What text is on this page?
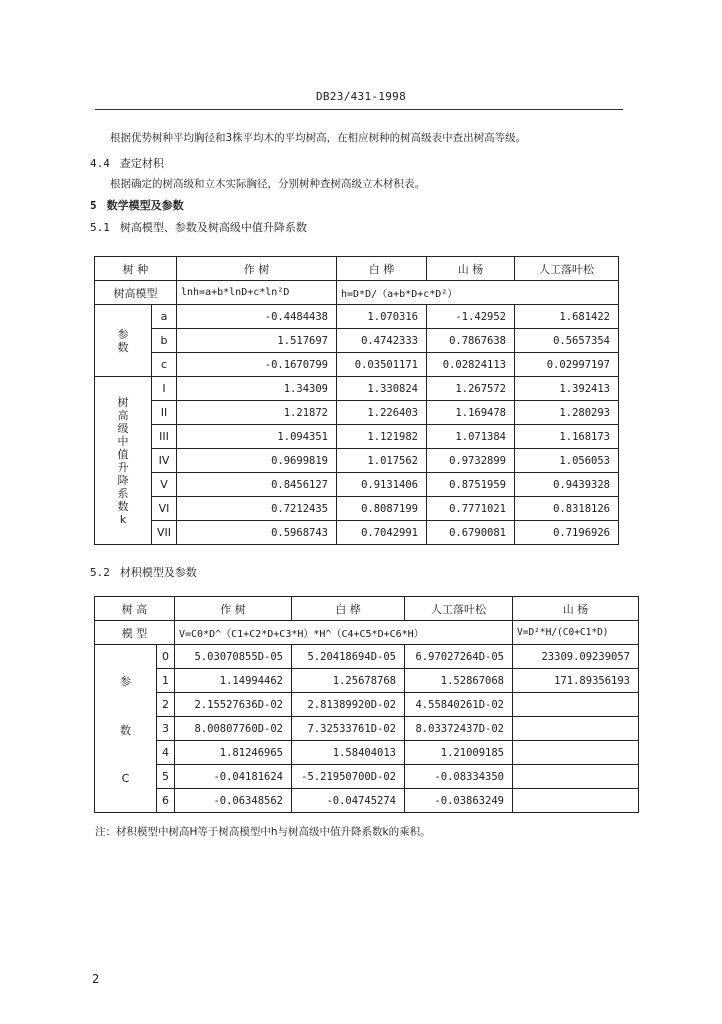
DB23/431-1998
根据优势树种平均胸径和3株平均木的平均树高，在相应树种的树高级表中查出树高等级。
4.4 查定材积
根据确定的树高级和立木实际胸径，分别树种查树高级立木材积表。
5 数学模型及参数
5.1 树高模型、参数及树高级中值升降系数
树 种		作 树	白 桦	山 杨	人工落叶松
树高模型		lnh=a+b*lnD+c*ln²D	h=D*D/（a+b*D+c*D²）		
参数	a	-0.4484438	1.070316	-1.42952	1.681422
	b	1.517697	0.4742333	0.7867638	0.5657354
	c	-0.1670799	0.03501171	0.02824113	0.02997197
树高级中值升降系数k	I	1.34309	1.330824	1.267572	1.392413
	II	1.21872	1.226403	1.169478	1.280293
	III	1.094351	1.121982	1.071384	1.168173
	IV	0.9699819	1.017562	0.9732899	1.056053
	V	0.8456127	0.9131406	0.8751959	0.9439328
	VI	0.7212435	0.8087199	0.7771021	0.8318126
	VII	0.5968743	0.7042991	0.6790081	0.7196926
5.2 材积模型及参数
树 高		作 树	白 桦	人工落叶松	山 杨
模 型		V=C0*D^（C1+C2*D+C3*H）*H^（C4+C5*D+C6*H）			V=D²*H/(C0+C1*D)

参
数
C	0	5.03070855D-05	5.20418694D-05	6.97027264D-05	23309.09239057
	1	1.14994462	1.25678768	1.52867068	171.89356193
	2	2.15527636D-02	2.81389920D-02	4.55840261D-02	
	3	8.00807760D-02	7.32533761D-02	8.03372437D-02	
	4	1.81246965	1.58404013	1.21009185	
	5	-0.04181624	-5.21950700D-02	-0.08334350	
	6	-0.06348562	-0.04745274	-0.03863249	
注：材积模型中树高H等于树高模型中h与树高级中值升降系数k的乘积。
2
